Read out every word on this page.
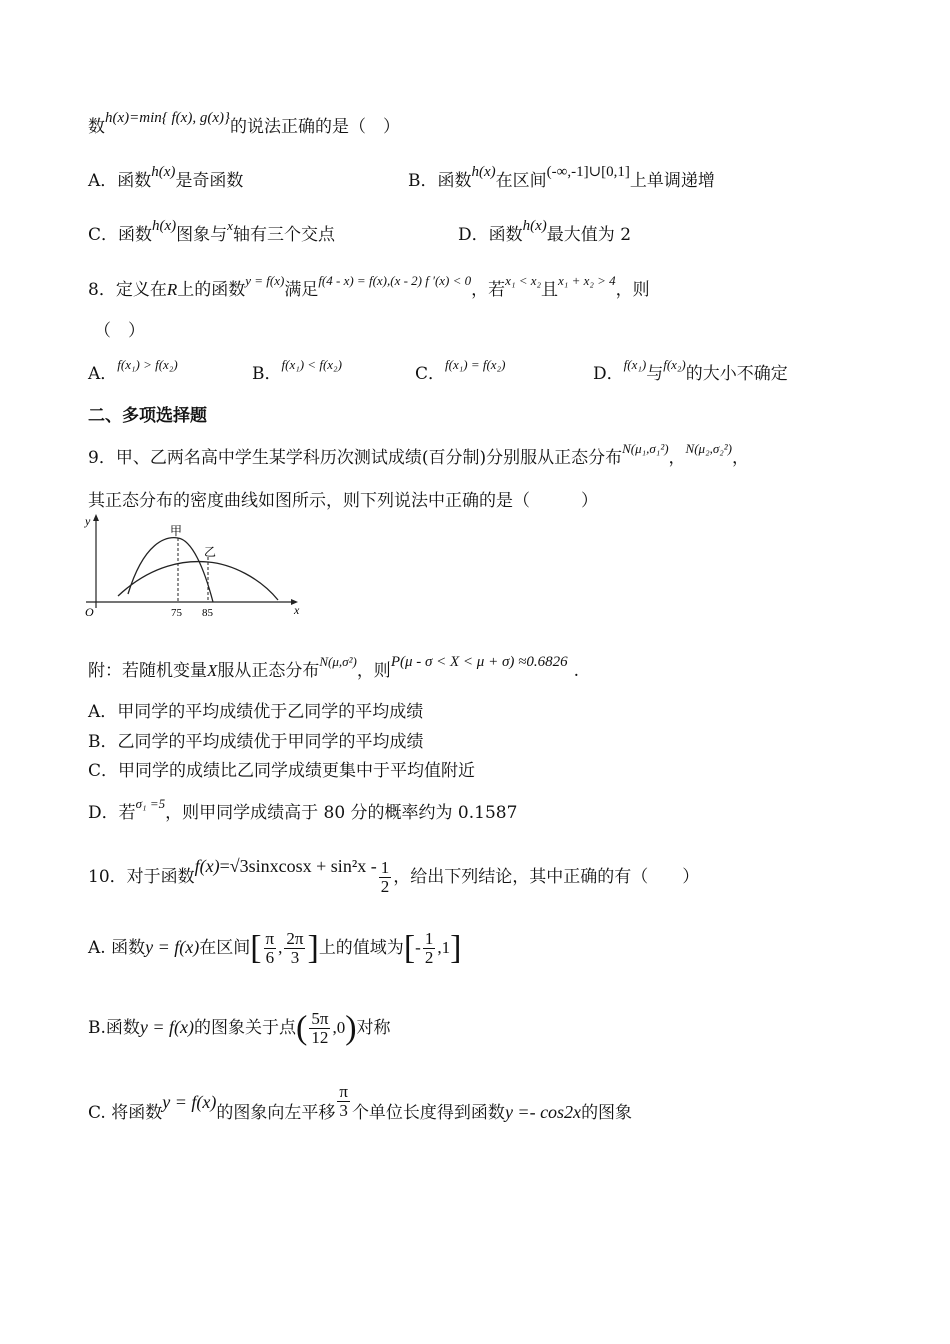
数h(x)=min{ f(x), g(x)}的说法正确的是（　）
A．函数h(x)是奇函数	B．函数h(x)在区间(-∞,-1]∪[0,1]上单调递增
C．函数h(x)图象与$^x$轴有三个交点	D．函数h(x)最大值为 2
8．定义在R上的函数$^{y = f(x)}$满足$^{f(4 - x) = f(x),(x - 2) f '(x) < 0}$，若$^{x_1 < x_2}$且$^{x_1 + x_2 > 4}$，则
（　）
A．$^{f(x_1) > f(x_2)}$	B．$^{f(x_1) < f(x_2)}$	C．$^{f(x_1) = f(x_2)}$	D．$^{f(x_1)}$与$^{f(x_2)}$的大小不确定
二、多项选择题
9．甲、乙两名高中学生某学科历次测试成绩(百分制)分别服从正态分布$^{N(\mu_1,\sigma_1^2)}$，$^{N(\mu_2,\sigma_2^2)}$，
其正态分布的密度曲线如图所示，则下列说法中正确的是（　　　）
y
O	x
甲
乙
75 85
附：若随机变量X服从正态分布$^{N(\mu,\sigma^2)}$，则P(μ - σ < X < μ + σ) ≈0.6826 .
A．甲同学的平均成绩优于乙同学的平均成绩
B．乙同学的平均成绩优于甲同学的平均成绩
C．甲同学的成绩比乙同学成绩更集中于平均值附近
D．若$^{\sigma_1 =5}$，则甲同学成绩高于 80 分的概率约为 0.1587
10．对于函数f(x)=√3sinxcosx + $\sin^2x - \frac{1}{2}$ ，给出下列结论，其中正确的有（　　）
A. 函数y = f(x)在区间[ $\frac{\pi}{6}$ , $\frac{2\pi}{3}$ ]上的值域为[- $\frac{1}{2} ,1$]
B.函数y = f(x)的图象关于点( $\frac{5\pi}{12} ,0$)对称
C. 将函数y = f(x)的图象向左平移 $\frac{\pi}{3}$ 个单位长度得到函数y =- cos2x的图象
